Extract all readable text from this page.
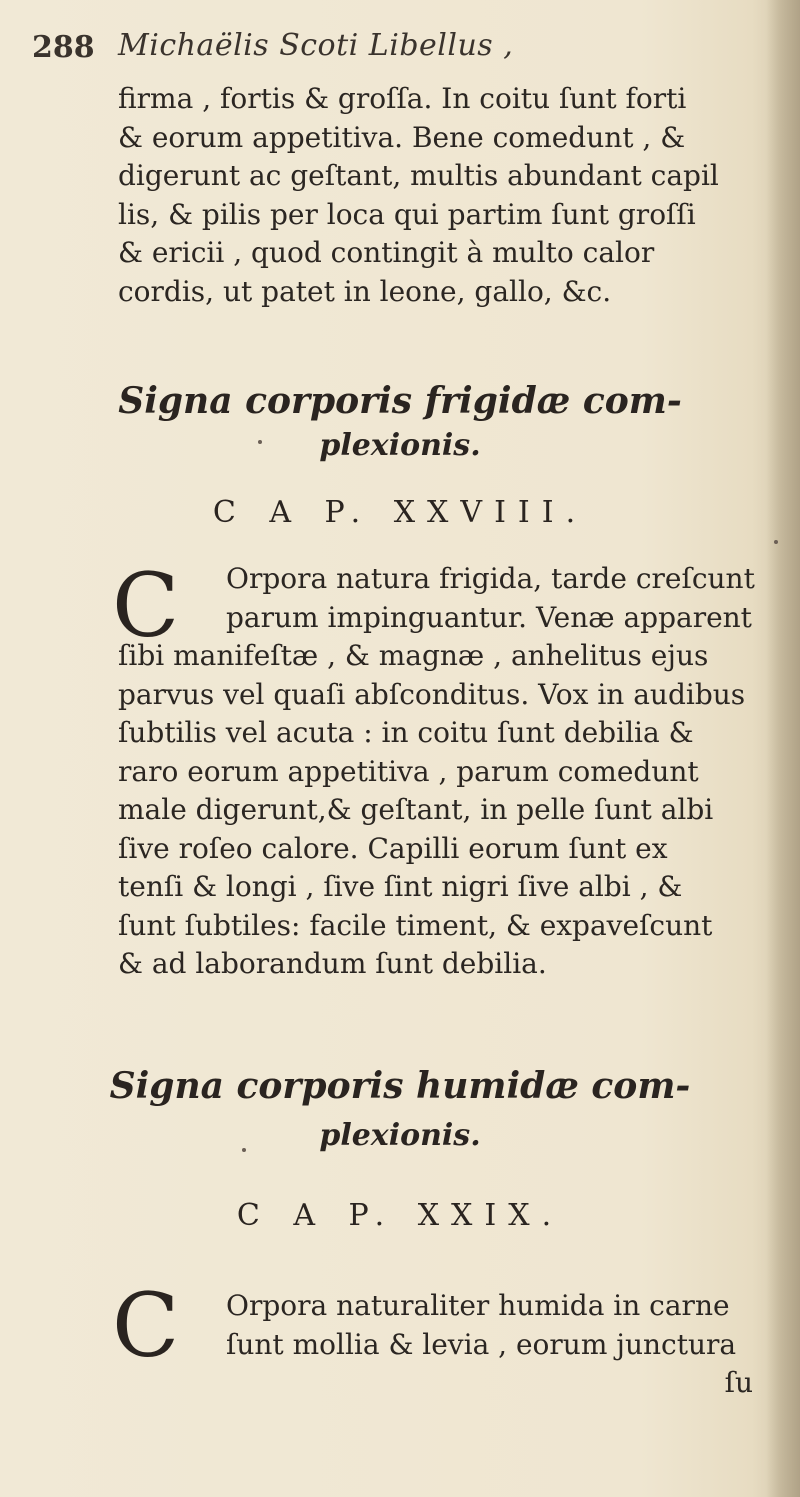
288 Michaëlis Scoti Libellus ,
firma , fortis & groſſa. In coitu ſunt forti
& eorum appetitiva. Bene comedunt , &
digerunt ac geſtant, multis abundant capil
lis, & pilis per loca qui partim ſunt groſſi
& ericii , quod contingit à multo calor
cordis, ut patet in leone, gallo, &c.
Signa corporis frigidæ com-
plexionis.
C A P. XXVIII.
C	Orpora natura frigida, tarde creſcunt
parum impinguantur. Venæ apparent
ſibi manifeſtæ , & magnæ , anhelitus ejus
parvus vel quaſi abſconditus. Vox in audibus
ſubtilis vel acuta : in coitu ſunt debilia &
raro eorum appetitiva , parum comedunt
male digerunt,& geſtant, in pelle ſunt albi
ſive roſeo calore. Capilli eorum ſunt ex
tenſi & longi , ſive ſint nigri ſive albi , &
ſunt ſubtiles: facile timent, & expaveſcunt
& ad laborandum ſunt debilia.
Signa corporis humidæ com-
plexionis.
C A P. XXIX.
C	Orpora naturaliter humida in carne
ſunt mollia & levia , eorum junctura
ſu
